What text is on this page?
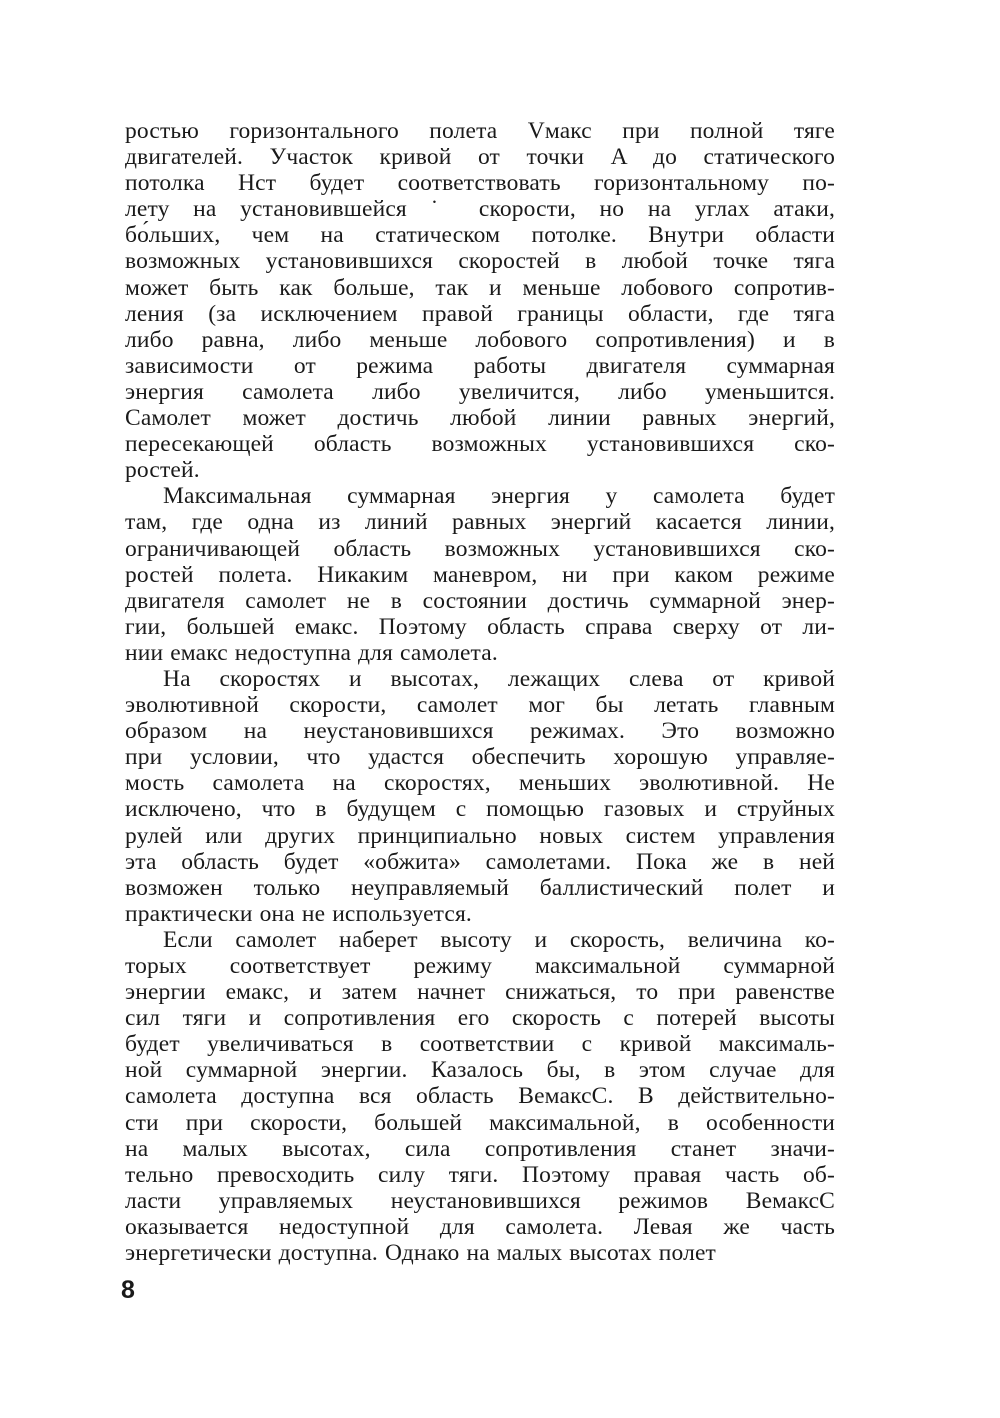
ростью горизонтального полета Vмакс при полной тяге
двигателей. Участок кривой от точки A до статического
потолка Hст будет соответствовать горизонтальному по-
лету на установившейся ˙ скорости, но на углах атаки,
бо́льших, чем на статическом потолке. Внутри области
возможных установившихся скоростей в любой точке тяга
может быть как больше, так и меньше лобового сопротив-
ления (за исключением правой границы области, где тяга
либо равна, либо меньше лобового сопротивления) и в
зависимости от режима работы двигателя суммарная
энергия самолета либо увеличится, либо уменьшится.
Самолет может достичь любой линии равных энергий,
пересекающей область возможных установившихся ско-
ростей.
Максимальная суммарная энергия у самолета будет
там, где одна из линий равных энергий касается линии,
ограничивающей область возможных установившихся ско-
ростей полета. Никаким маневром, ни при каком режиме
двигателя самолет не в состоянии достичь суммарной энер-
гии, большей eмакс. Поэтому область справа сверху от ли-
нии eмакс недоступна для самолета.
На скоростях и высотах, лежащих слева от кривой
эволютивной скорости, самолет мог бы летать главным
образом на неустановившихся режимах. Это возможно
при условии, что удастся обеспечить хорошую управляе-
мость самолета на скоростях, меньших эволютивной. Не
исключено, что в будущем с помощью газовых и струйных
рулей или других принципиально новых систем управления
эта область будет «обжита» самолетами. Пока же в ней
возможен только неуправляемый баллистический полет и
практически она не используется.
Если самолет наберет высоту и скорость, величина ко-
торых соответствует режиму максимальной суммарной
энергии eмакс, и затем начнет снижаться, то при равенстве
сил тяги и сопротивления его скорость с потерей высоты
будет увеличиваться в соответствии с кривой максималь-
ной суммарной энергии. Казалось бы, в этом случае для
самолета доступна вся область BeмаксC. В действительно-
сти при скорости, большей максимальной, в особенности
на малых высотах, сила сопротивления станет значи-
тельно превосходить силу тяги. Поэтому правая часть об-
ласти управляемых неустановившихся режимов BeмаксC
оказывается недоступной для самолета. Левая же часть
энергетически доступна. Однако на малых высотах полет
8
